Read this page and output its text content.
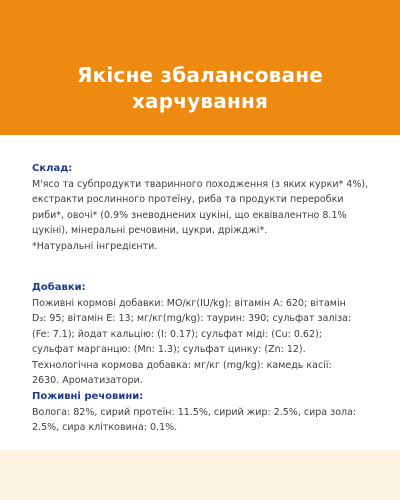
Якісне збалансоване
харчування
Склад:
М'ясо та субпродукти тваринного походження (з яких курки* 4%),
екстракти рослинного протеїну, риба та продукти переробки
риби*, овочі* (0.9% зневоднених цукіні, що еквівалентно 8.1%
цукіні), мінеральні речовини, цукри, дріжджі*.
*Натуральні інгредієнти.
Добавки:
Поживні кормові добавки: МО/кг(IU/kg): вітамін А: 620; вітамін
D₃: 95; вітамін Е: 13; мг/кг(mg/kg): таурин: 390; сульфат заліза:
(Fe: 7.1); йодат кальцію: (I: 0.17); сульфат міді: (Cu: 0.62);
сульфат марганцю: (Mn: 1.3); сульфат цинку: (Zn: 12).
Технологічна кормова добавка: мг/кг (mg/kg): камедь касії:
2630. Ароматизатори.
Поживні речовини:
Волога: 82%, сирий протеїн: 11.5%, сирий жир: 2.5%, сира зола:
2.5%, сира клітковина: 0.1%.
